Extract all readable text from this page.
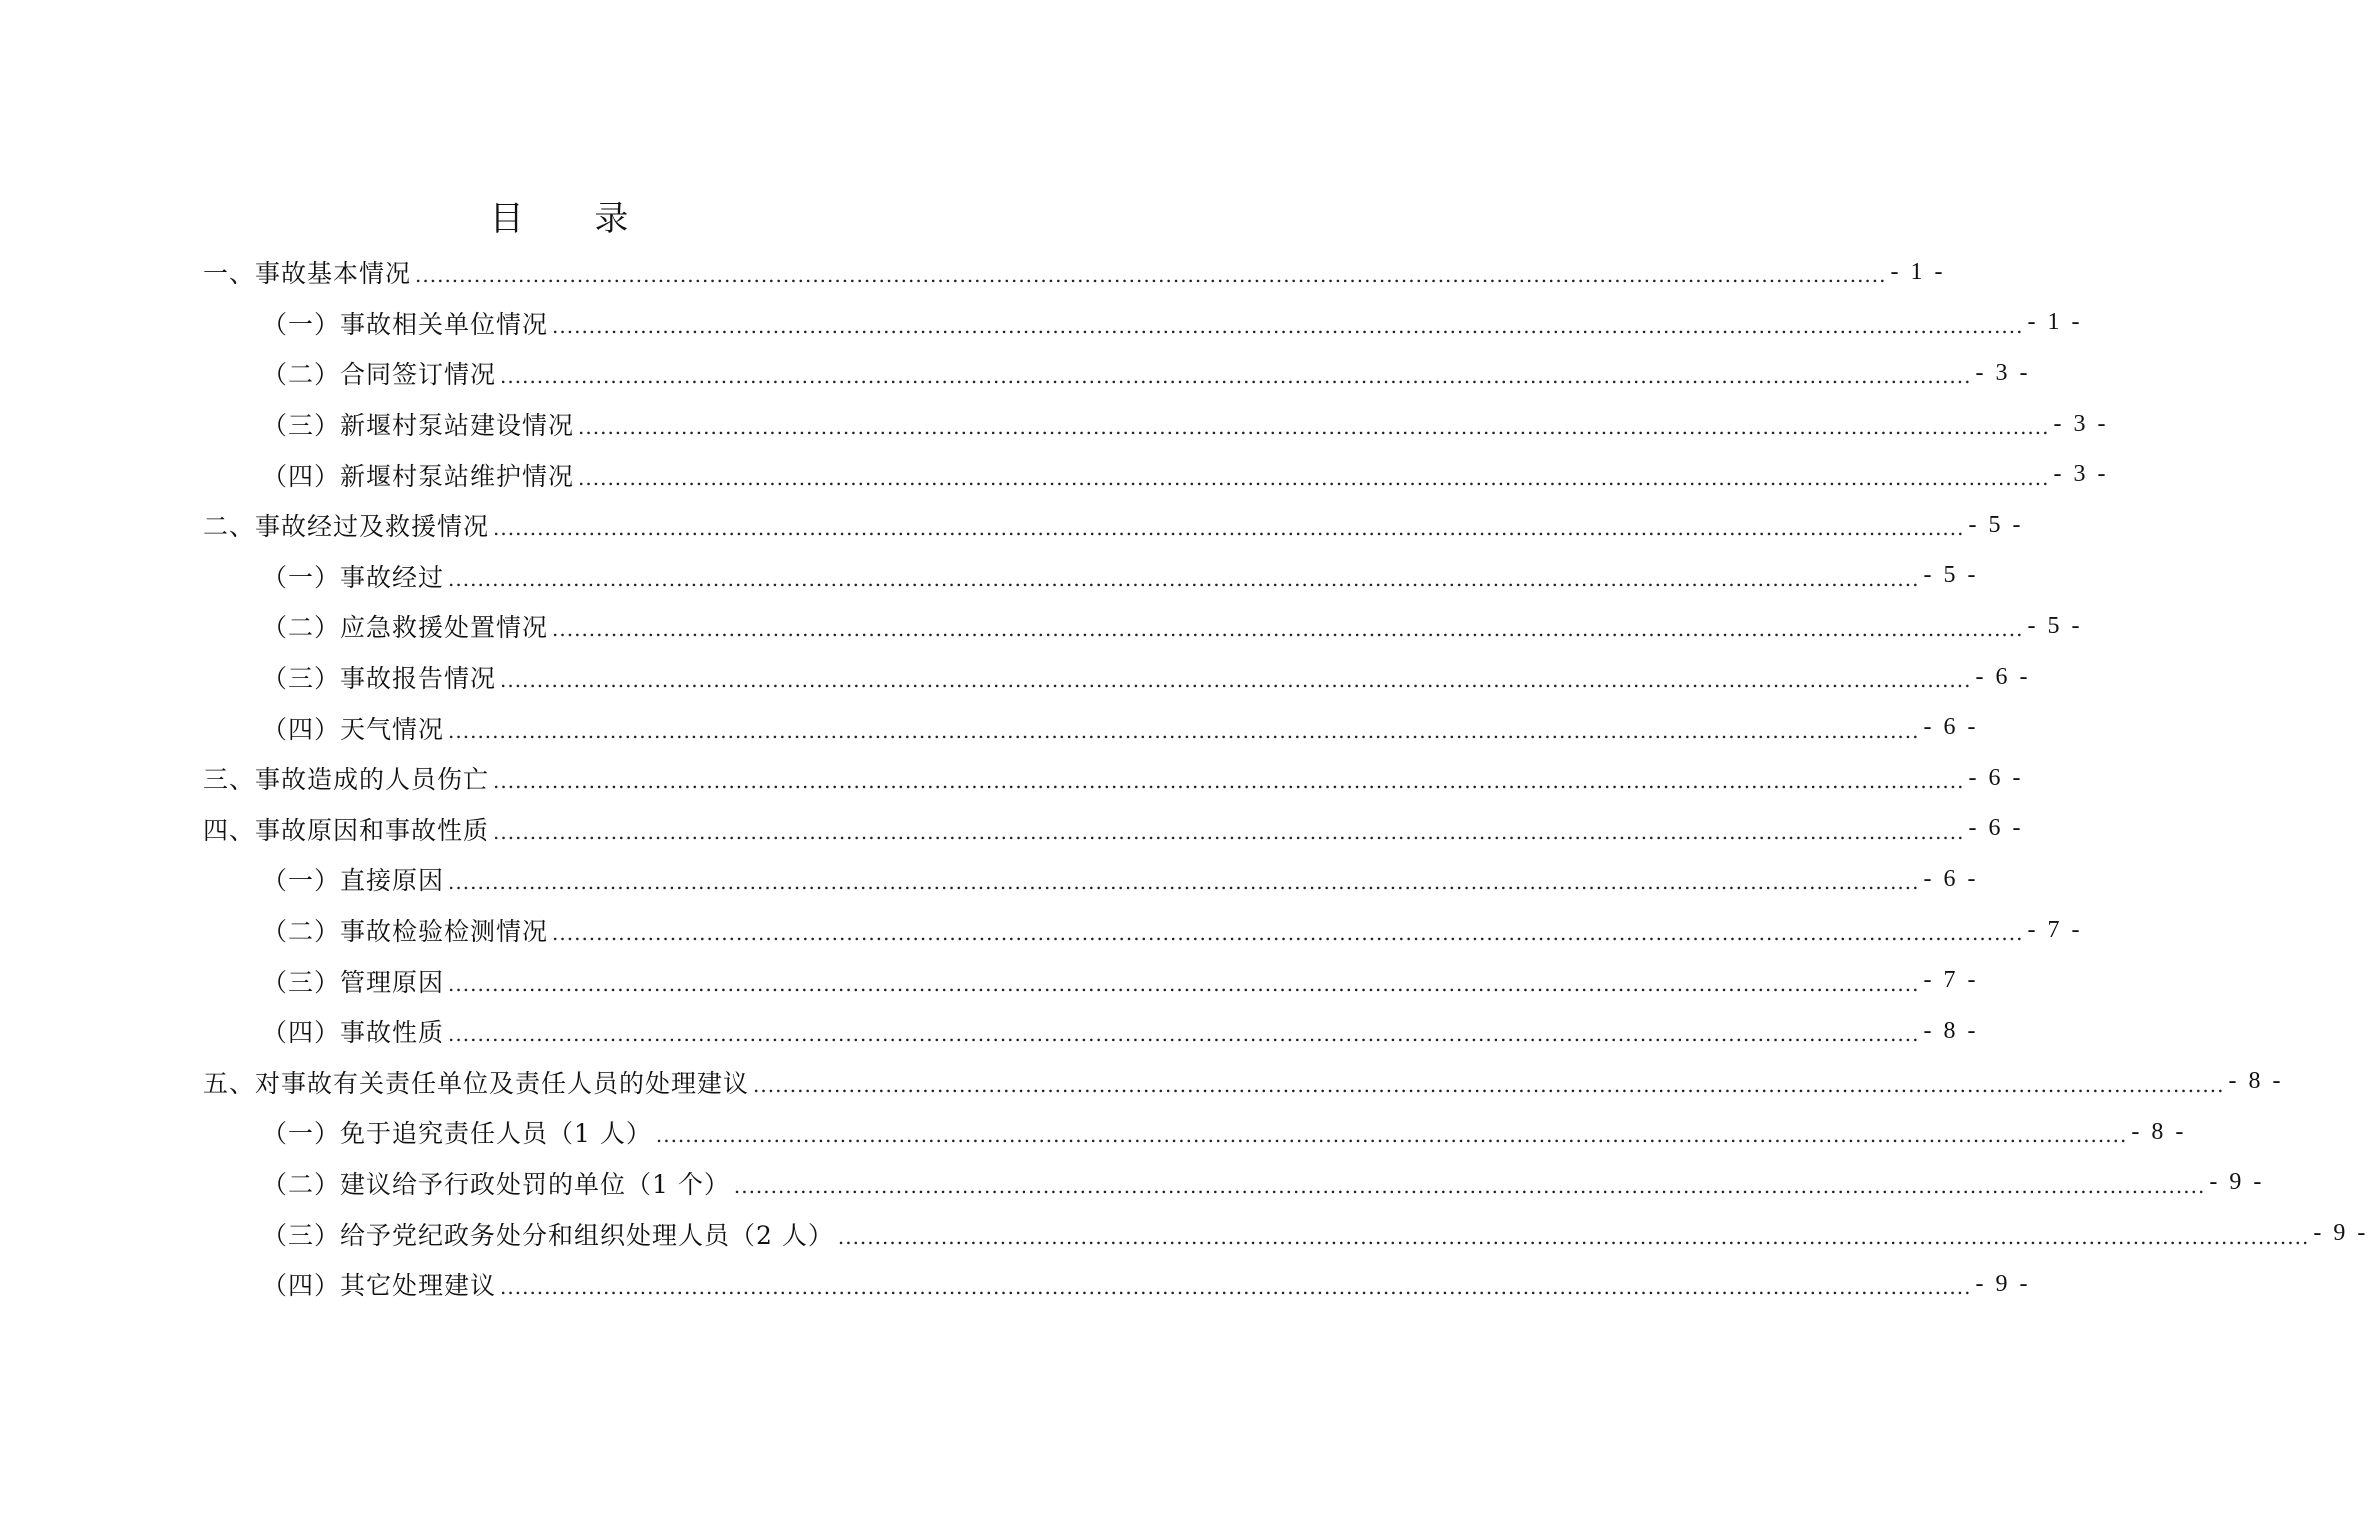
目 录
一、事故基本情况 ........................................................................................................................................................................................................ - 1 -
（一）事故相关单位情况 ........................................................................................................................................................................................................ - 1 -
（二）合同签订情况 ........................................................................................................................................................................................................ - 3 -
（三）新堰村泵站建设情况 ........................................................................................................................................................................................................ - 3 -
（四）新堰村泵站维护情况 ........................................................................................................................................................................................................ - 3 -
二、事故经过及救援情况 ........................................................................................................................................................................................................ - 5 -
（一）事故经过 ........................................................................................................................................................................................................ - 5 -
（二）应急救援处置情况 ........................................................................................................................................................................................................ - 5 -
（三）事故报告情况 ........................................................................................................................................................................................................ - 6 -
（四）天气情况 ........................................................................................................................................................................................................ - 6 -
三、事故造成的人员伤亡 ........................................................................................................................................................................................................ - 6 -
四、事故原因和事故性质 ........................................................................................................................................................................................................ - 6 -
（一）直接原因 ........................................................................................................................................................................................................ - 6 -
（二）事故检验检测情况 ........................................................................................................................................................................................................ - 7 -
（三）管理原因 ........................................................................................................................................................................................................ - 7 -
（四）事故性质 ........................................................................................................................................................................................................ - 8 -
五、对事故有关责任单位及责任人员的处理建议 ........................................................................................................................................................................................................ - 8 -
（一）免于追究责任人员（1 人） ........................................................................................................................................................................................................ - 8 -
（二）建议给予行政处罚的单位（1 个） ........................................................................................................................................................................................................ - 9 -
（三）给予党纪政务处分和组织处理人员（2 人） ........................................................................................................................................................................................................ - 9 -
（四）其它处理建议 ........................................................................................................................................................................................................ - 9 -
